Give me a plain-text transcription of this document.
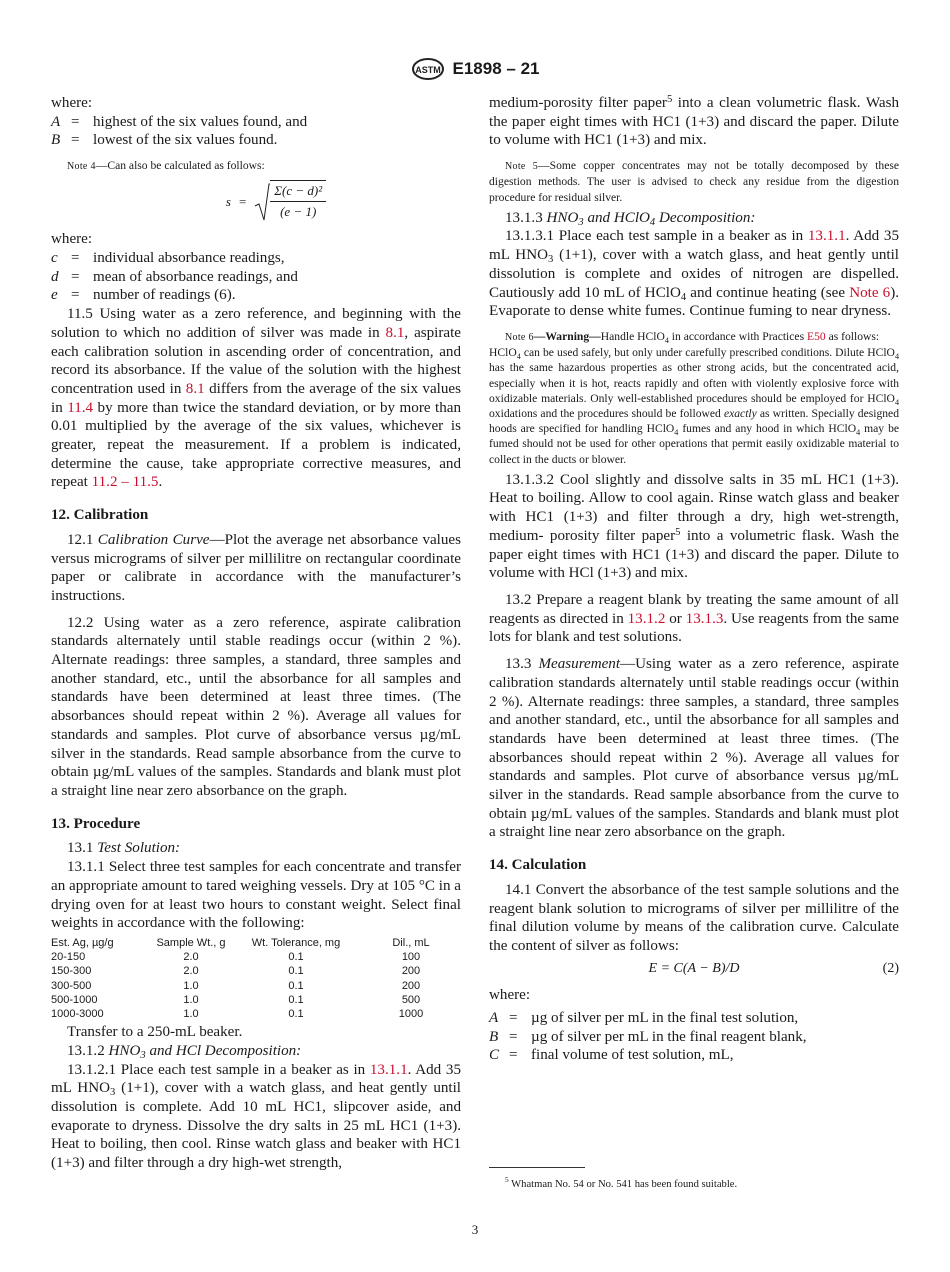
ASTM E1898 – 21

where:

A = highest of the six values found, and
B = lowest of the six values found.

Note 4—Can also be calculated as follows:

$s = \frac{\text{Σ(c − d)²}}{(e - 1)}$

where:

c = individual absorbance readings,
d = mean of absorbance readings, and
e = number of readings (6).

11.5 Using water as a zero reference, and beginning with the solution to which no addition of silver was made in 8.1, aspirate each calibration solution in ascending order of concentration, and record its absorbance. If the value of the solution with the highest concentration used in 8.1 differs from the average of the six values in 11.4 by more than twice the standard deviation, or by more than 0.01 multiplied by the average of the six values, whichever is greater, repeat the measurement. If a problem is indicated, determine the cause, take appropriate corrective measures, and repeat 11.2 – 11.5.

12. Calibration

12.1 Calibration Curve—Plot the average net absorbance values versus micrograms of silver per millilitre on rectangular coordinate paper or calibrate in accordance with the manufacturer’s instructions.

12.2 Using water as a zero reference, aspirate calibration standards alternately until stable readings occur (within 2 %). Alternate readings: three samples, a standard, three samples and another standard, etc., until the absorbance for all samples and standards have been determined at least three times. (The absorbances should repeat within 2 %). Average all values for standards and samples. Plot curve of absorbance versus µg/mL silver in the standards. Read sample absorbance from the curve to obtain µg/mL values of the samples. Standards and blank must plot a straight line near zero absorbance on the graph.

13. Procedure

13.1 Test Solution:

13.1.1 Select three test samples for each concentrate and transfer an appropriate amount to tared weighing vessels. Dry at 105 °C in a drying oven for at least two hours to constant weight. Select final weights in accordance with the following:

Est. Ag, µg/g	Sample Wt., g	Wt. Tolerance, mg	Dil., mL
20-150	2.0	0.1	100
150-300	2.0	0.1	200
300-500	1.0	0.1	200
500-1000	1.0	0.1	500
1000-3000	1.0	0.1	1000

Transfer to a 250-mL beaker.

13.1.2 $HNO_3$ and HCl Decomposition:

13.1.2.1 Place each test sample in a beaker as in 13.1.1. Add 35 mL $HNO_3$ (1+1), cover with a watch glass, and heat gently until dissolution is complete. Add 10 mL HC1, slipcover aside, and evaporate to dryness. Dissolve the dry salts in 25 mL HC1 (1+3). Heat to boiling, then cool. Rinse watch glass and beaker with HC1 (1+3) and filter through a dry high-wet strength,

medium-porosity filter paper$^5$ into a clean volumetric flask. Wash the paper eight times with HC1 (1+3) and discard the paper. Dilute to volume with HC1 (1+3) and mix.

Note 5—Some copper concentrates may not be totally decomposed by these digestion methods. The user is advised to check any residue from the digestion procedure for residual silver.

13.1.3 $HNO_3$ and HClO$_4$ Decomposition:

13.1.3.1 Place each test sample in a beaker as in 13.1.1. Add 35 mL $HNO_3$ (1+1), cover with a watch glass, and heat gently until dissolution is complete and oxides of nitrogen are dispelled. Cautiously add 10 mL of HClO$_4$ and continue heating (see Note 6). Evaporate to dense white fumes. Continue fuming to near dryness.

Note 6—Warning—Handle HClO$_4$ in accordance with Practices E50 as follows:

HClO$_4$ can be used safely, but only under carefully prescribed conditions. Dilute HClO$_4$ has the same hazardous properties as other strong acids, but the concentrated acid, especially when it is hot, reacts rapidly and often with violently explosive force with oxidizable materials. Only well-established procedures should be employed for HClO$_4$ oxidations and the procedures should be followed exactly as written. Specially designed hoods are specified for handling HClO$_4$ fumes and any hood in which HClO$_4$ may be fumed should not be used for other operations that permit easily oxidizable material to collect in the ducts or blower.

13.1.3.2 Cool slightly and dissolve salts in 35 mL HC1 (1+3). Heat to boiling. Allow to cool again. Rinse watch glass and beaker with HC1 (1+3) and filter through a dry, high wet-strength, medium- porosity filter paper$^5$ into a volumetric flask. Wash the paper eight times with HC1 (1+3) and discard the paper. Dilute to volume with HCl (1+3) and mix.

13.2 Prepare a reagent blank by treating the same amount of all reagents as directed in 13.1.2 or 13.1.3. Use reagents from the same lots for blank and test solutions.

13.3 Measurement—Using water as a zero reference, aspirate calibration standards alternately until stable readings occur (within 2 %). Alternate readings: three samples, a standard, three samples and another standard, etc., until the absorbance for all samples and standards have been determined at least three times. (The absorbances should repeat within 2 %). Average all values for standards and samples. Plot curve of absorbance versus µg/mL silver in the standards. Read sample absorbance from the curve to obtain µg/mL values of the samples. Standards and blank must plot a straight line near zero absorbance on the graph.

14. Calculation

14.1 Convert the absorbance of the test sample solutions and the reagent blank solution to micrograms of silver per millilitre of the final dilution volume by means of the calibration curve. Calculate the content of silver as follows:

E = C(A − B)/D	(2)

where:

A = µg of silver per mL in the final test solution,
B = µg of silver per mL in the final reagent blank,
C = final volume of test solution, mL,

$^5$ Whatman No. 54 or No. 541 has been found suitable.

3
